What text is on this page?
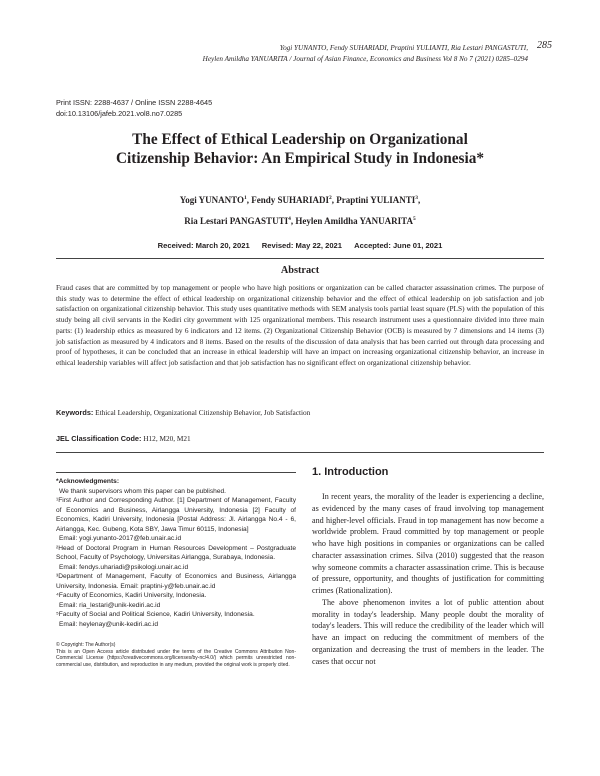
285
Yogi YUNANTO, Fendy SUHARIADI, Praptini YULIANTI, Ria Lestari PANGASTUTI,
Heylen Amildha YANUARITA / Journal of Asian Finance, Economics and Business Vol 8 No 7 (2021) 0285–0294
Print ISSN: 2288-4637 / Online ISSN 2288-4645
doi:10.13106/jafeb.2021.vol8.no7.0285
The Effect of Ethical Leadership on Organizational
Citizenship Behavior: An Empirical Study in Indonesia*
Yogi YUNANTO$^1$, Fendy SUHARIADI$^2$, Praptini YULIANTI$^3$,
Ria Lestari PANGASTUTI$^4$, Heylen Amildha YANUARITA$^5$
Received: March 20, 2021 Revised: May 22, 2021 Accepted: June 01, 2021
Abstract
Fraud cases that are committed by top management or people who have high positions or organization can be called character assassination crimes. The purpose of this study was to determine the effect of ethical leadership on organizational citizenship behavior and the effect of ethical leadership on job satisfaction and job satisfaction on organizational citizenship behavior. This study uses quantitative methods with SEM analysis tools partial least square (PLS) with the population of this study being all civil servants in the Kediri city government with 125 organizational members. This research instrument uses a questionnaire divided into three main parts: (1) leadership ethics as measured by 6 indicators and 12 items. (2) Organizational Citizenship Behavior (OCB) is measured by 7 dimensions and 14 items (3) job satisfaction as measured by 4 indicators and 8 items. Based on the results of the discussion of data analysis that has been carried out through data processing and proof of hypotheses, it can be concluded that an increase in ethical leadership will have an impact on increasing organizational citizenship behavior, an increase in ethical leadership variables will affect job satisfaction and that job satisfaction has no significant effect on organizational citizenship behavior.
Keywords: Ethical Leadership, Organizational Citizenship Behavior, Job Satisfaction
JEL Classification Code: H12, M20, M21
*Acknowledgments:
We thank supervisors whom this paper can be published.
¹First Author and Corresponding Author. [1] Department of Management, Faculty of Economics and Business, Airlangga University, Indonesia [2] Faculty of Economics, Kadiri University, Indonesia [Postal Address: Jl. Airlangga No.4 - 6, Airlangga, Kec. Gubeng, Kota SBY, Jawa Timur 60115, Indonesia]
Email: yogi.yunanto-2017@feb.unair.ac.id
²Head of Doctoral Program in Human Resources Development – Postgraduate School, Faculty of Psychology, Universitas Airlangga, Surabaya, Indonesia.
Email: fendys.uhariadi@psikologi.unair.ac.id
³Department of Management, Faculty of Economics and Business, Airlangga University, Indonesia. Email: praptini-y@feb.unair.ac.id
⁴Faculty of Economics, Kadiri University, Indonesia.
Email: ria_lestari@unik-kediri.ac.id
⁵Faculty of Social and Political Science, Kadiri University, Indonesia.
Email: heylenay@unik-kediri.ac.id
© Copyright: The Author(s)
This is an Open Access article distributed under the terms of the Creative Commons Attribution Non-Commercial License (https://creativecommons.org/licenses/by-nc/4.0/) which permits unrestricted non-commercial use, distribution, and reproduction in any medium, provided the original work is properly cited.
1. Introduction

In recent years, the morality of the leader is experiencing a decline, as evidenced by the many cases of fraud involving top management and higher-level officials. Fraud in top management has now become a worldwide problem. Fraud committed by top management or people who have high positions in companies or organizations can be called character assassination crimes. Silva (2010) suggested that the reason why someone commits a character assassination crime. This is because of pressure, opportunity, and thoughts of justification for committing crimes (Rationalization).

The above phenomenon invites a lot of public attention about morality in today's leadership. Many people doubt the morality of today's leaders. This will reduce the credibility of the leader which will have an impact on reducing the commitment of members of the organization and decreasing the trust of members in the leader. The cases that occur not
